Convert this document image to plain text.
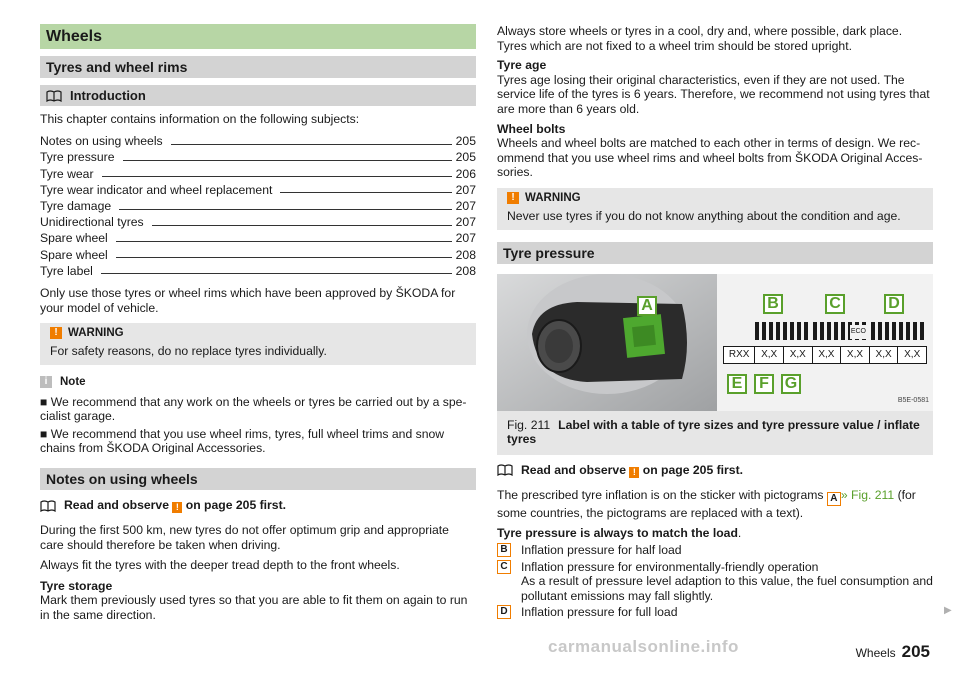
Wheels
Tyres and wheel rims
Introduction

This chapter contains information on the following subjects:

Notes on using wheels	205
Tyre pressure	205
Tyre wear	206
Tyre wear indicator and wheel replacement	207
Tyre damage	207
Unidirectional tyres	207
Spare wheel	207
Spare wheel	208
Tyre label	208

Only use those tyres or wheel rims which have been approved by ŠKODA for your model of vehicle.

! WARNING
For safety reasons, do no replace tyres individually.
i	Note
■ We recommend that any work on the wheels or tyres be carried out by a spe-cialist garage.
■ We recommend that you use wheel rims, tyres, full wheel trims and snow chains from ŠKODA Original Accessories.
Notes on using wheels
Read and observe ! on page 205 first.

During the first 500 km, new tyres do not offer optimum grip and appropriate care should therefore be taken when driving.

Always fit the tyres with the deeper tread depth to the front wheels.

Tyre storage
Mark them previously used tyres so that you are able to fit them on again to run in the same direction.
Always store wheels or tyres in a cool, dry and, where possible, dark place. Tyres which are not fixed to a wheel trim should be stored upright.
Tyre age
Tyres age losing their original characteristics, even if they are not used. The service life of the tyres is 6 years. Therefore, we recommend not using tyres that are more than 6 years old.
Wheel bolts
Wheels and wheel bolts are matched to each other in terms of design. We rec-ommend that you use wheel rims and wheel bolts from ŠKODA Original Acces-sories.
! WARNING
Never use tyres if you do not know anything about the condition and age.
Tyre pressure
A	B	C	D
E	F G
ECO
RXX	X,X	X,X	X,X	X,X	X,X	X,X
B5E-0581
Fig. 211 Label with a table of tyre sizes and tyre pressure value / inflate tyres
Read and observe ! on page 205 first.

The prescribed tyre inflation is on the sticker with pictograms A » Fig. 211 (for some countries, the pictograms are replaced with a text).

Tyre pressure is always to match the load.
B Inflation pressure for half load
C Inflation pressure for environmentally-friendly operation
As a result of pressure level adaption to this value, the fuel consumption and pollutant emissions may fall slightly.
D Inflation pressure for full load	▶
carmanualsonline.info	Wheels 205
